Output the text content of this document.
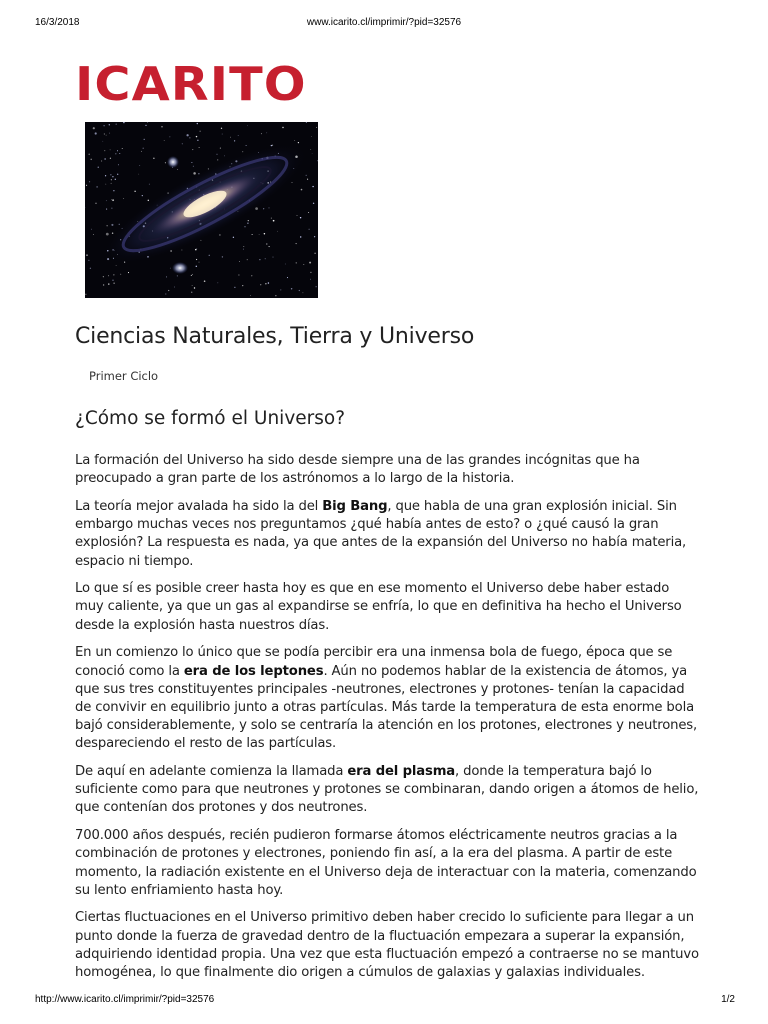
16/3/2018	www.icarito.cl/imprimir/?pid=32576
ICARITO
Ciencias Naturales, Tierra y Universo
Primer Ciclo
¿Cómo se formó el Universo?

La formación del Universo ha sido desde siempre una de las grandes incógnitas que ha preocupado a gran parte de los astrónomos a lo largo de la historia.

La teoría mejor avalada ha sido la del Big Bang, que habla de una gran explosión inicial. Sin embargo muchas veces nos preguntamos ¿qué había antes de esto? o ¿qué causó la gran explosión? La respuesta es nada, ya que antes de la expansión del Universo no había materia, espacio ni tiempo.

Lo que sí es posible creer hasta hoy es que en ese momento el Universo debe haber estado muy caliente, ya que un gas al expandirse se enfría, lo que en definitiva ha hecho el Universo desde la explosión hasta nuestros días.

En un comienzo lo único que se podía percibir era una inmensa bola de fuego, época que se conoció como la era de los leptones. Aún no podemos hablar de la existencia de átomos, ya que sus tres constituyentes principales -neutrones, electrones y protones- tenían la capacidad de convivir en equilibrio junto a otras partículas. Más tarde la temperatura de esta enorme bola bajó considerablemente, y solo se centraría la atención en los protones, electrones y neutrones, despareciendo el resto de las partículas.

De aquí en adelante comienza la llamada era del plasma, donde la temperatura bajó lo suficiente como para que neutrones y protones se combinaran, dando origen a átomos de helio, que contenían dos protones y dos neutrones.

700.000 años después, recién pudieron formarse átomos eléctricamente neutros gracias a la combinación de protones y electrones, poniendo fin así, a la era del plasma. A partir de este momento, la radiación existente en el Universo deja de interactuar con la materia, comenzando su lento enfriamiento hasta hoy.

Ciertas fluctuaciones en el Universo primitivo deben haber crecido lo suficiente para llegar a un punto donde la fuerza de gravedad dentro de la fluctuación empezara a superar la expansión, adquiriendo identidad propia. Una vez que esta fluctuación empezó a contraerse no se mantuvo homogénea, lo que finalmente dio origen a cúmulos de galaxias y galaxias individuales.

http://www.icarito.cl/imprimir/?pid=32576	1/2
